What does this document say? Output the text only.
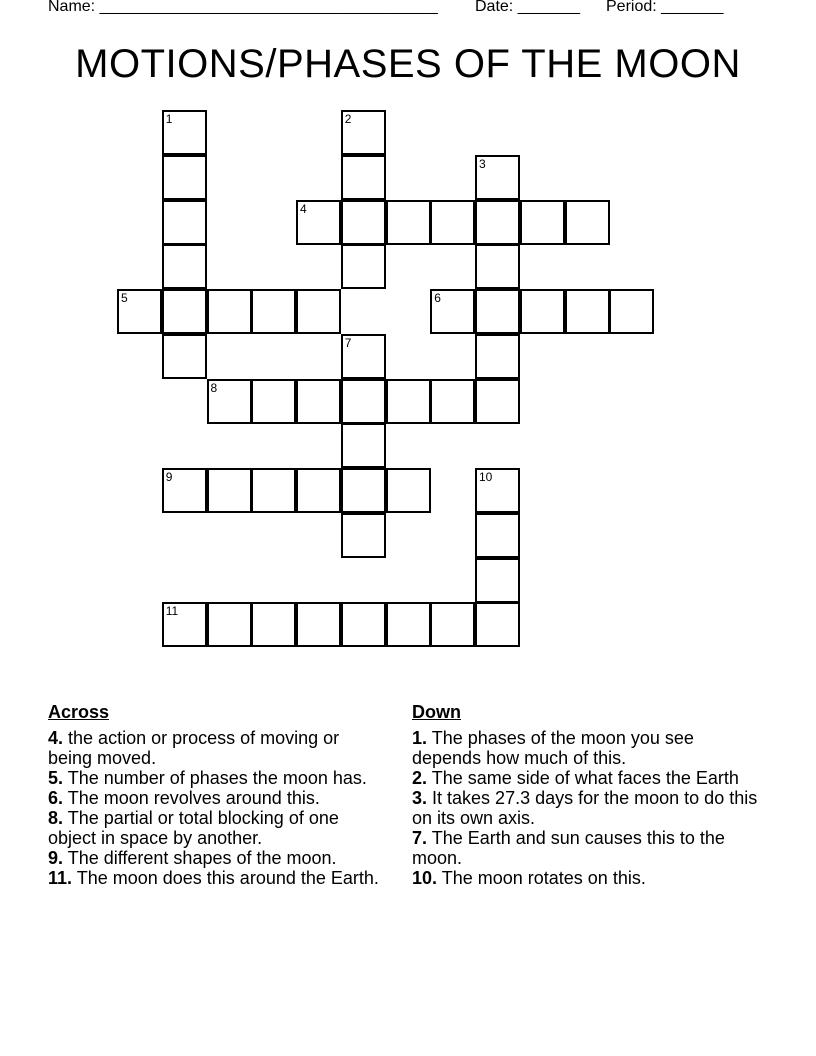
Name: ______________________________________ Date: _______ Period: _______
MOTIONS/PHASES OF THE MOON
1	2
3
4
5	6
7
8
9	10
11
Across
4. the action or process of moving or being moved.
5. The number of phases the moon has.
6. The moon revolves around this.
8. The partial or total blocking of one object in space by another.
9. The different shapes of the moon.
11. The moon does this around the Earth.
Down
1. The phases of the moon you see depends how much of this.
2. The same side of what faces the Earth
3. It takes 27.3 days for the moon to do this on its own axis.
7. The Earth and sun causes this to the moon.
10. The moon rotates on this.
